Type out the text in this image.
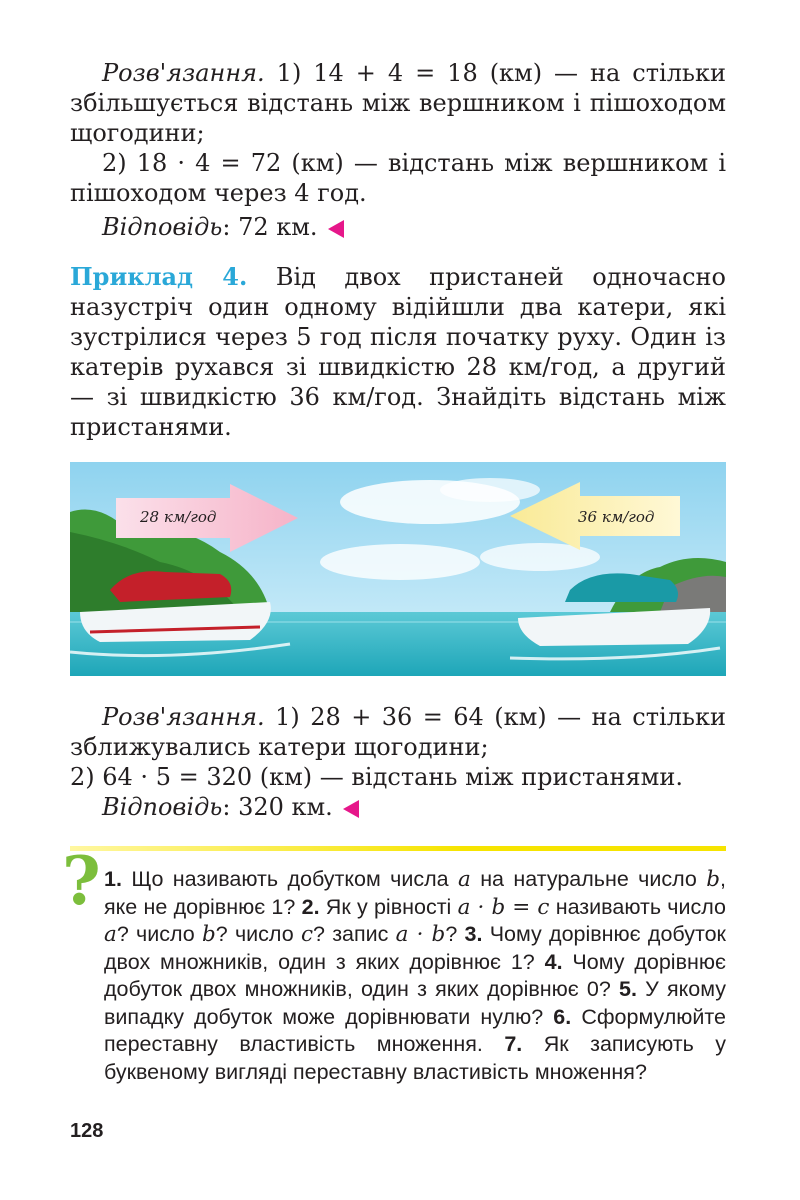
Розв'язання. 1) 14 + 4 = 18 (км) — на стільки збільшується відстань між вершником і пішоходом щогодини;

2) 18 · 4 = 72 (км) — відстань між вершником і пішоходом через 4 год.

Відповідь: 72 км.

Приклад 4. Від двох пристаней одночасно назустріч один одному відійшли два катери, які зустрілися через 5 год після початку руху. Один із катерів рухався зі швидкістю 28 км/год, а другий — зі швидкістю 36 км/год. Знайдіть відстань між пристанями.

28 км/год	36 км/год

Розв'язання. 1) 28 + 36 = 64 (км) — на стільки зближувались катери щогодини;

2) 64 · 5 = 320 (км) — відстань між пристанями.

Відповідь: 320 км.

? 1. Що називають добутком числа a на натуральне число b, яке не дорівнює 1? 2. Як у рівності a · b = c називають число a? число b? число c? запис a · b? 3. Чому дорівнює добуток двох множників, один з яких дорівнює 1? 4. Чому дорівнює добуток двох множників, один з яких дорівнює 0? 5. У якому випадку добуток може дорівнювати нулю? 6. Сформулюйте переставну властивість множення. 7. Як записують у буквеному вигляді переставну властивість множення?

128
